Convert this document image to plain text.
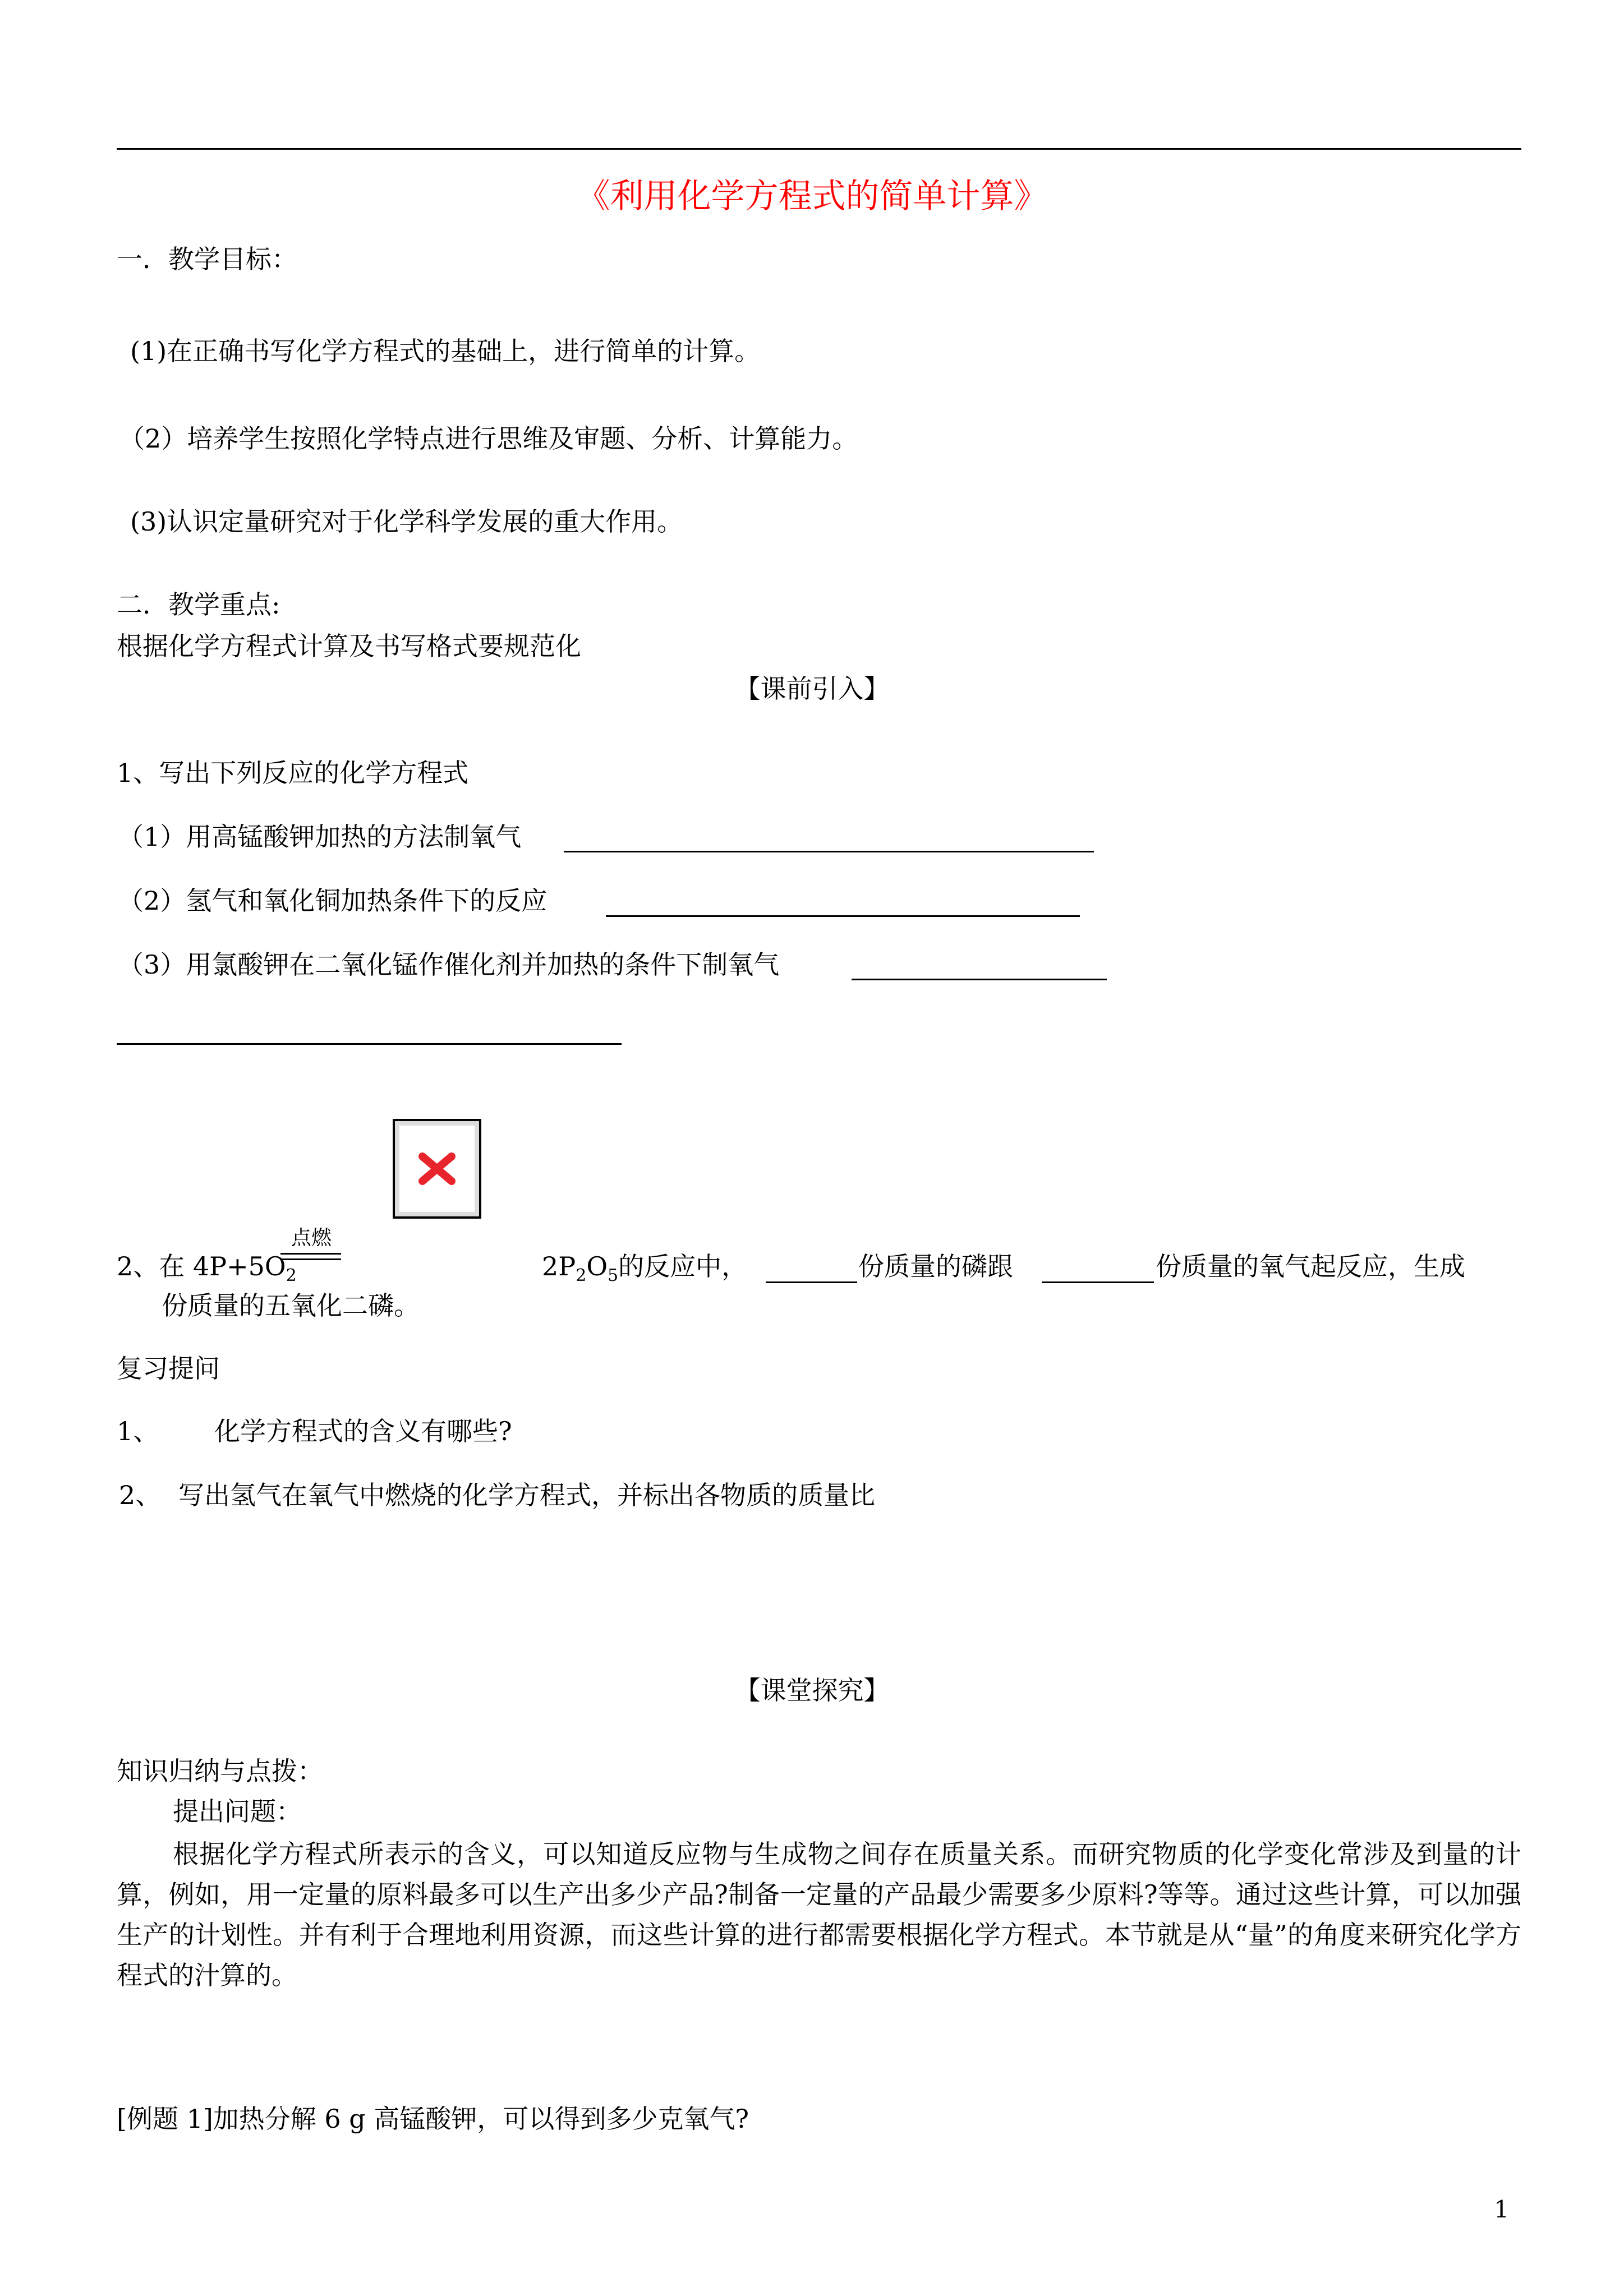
《利用化学方程式的简单计算》
一．教学目标：
(1)在正确书写化学方程式的基础上，进行简单的计算。
（2）培养学生按照化学特点进行思维及审题、分析、计算能力。
(3)认识定量研究对于化学科学发展的重大作用。
二．教学重点:
根据化学方程式计算及书写格式要规范化
【课前引入】
1、写出下列反应的化学方程式
（1）用高锰酸钾加热的方法制氧气
（2）氢气和氧化铜加热条件下的反应
（3）用氯酸钾在二氧化锰作催化剂并加热的条件下制氧气
点燃
2、在 $4P+5O_2$	$2P_2O_5$的反应中，	份质量的磷跟	份质量的氧气起反应，生成
份质量的五氧化二磷。
复习提问
1、 化学方程式的含义有哪些?
2、 写出氢气在氧气中燃烧的化学方程式，并标出各物质的质量比
【课堂探究】
知识归纳与点拨：
提出问题：
根据化学方程式所表示的含义，可以知道反应物与生成物之间存在质量关系。而研究物质的化学变化常涉及到量的计算，例如，用一定量的原料最多可以生产出多少产品?制备一定量的产品最少需要多少原料?等等。通过这些计算，可以加强生产的计划性。并有利于合理地利用资源，而这些计算的进行都需要根据化学方程式。本节就是从“量”的角度来研究化学方程式的汁算的。
[例题 1]加热分解 6 g 高锰酸钾，可以得到多少克氧气?
1
